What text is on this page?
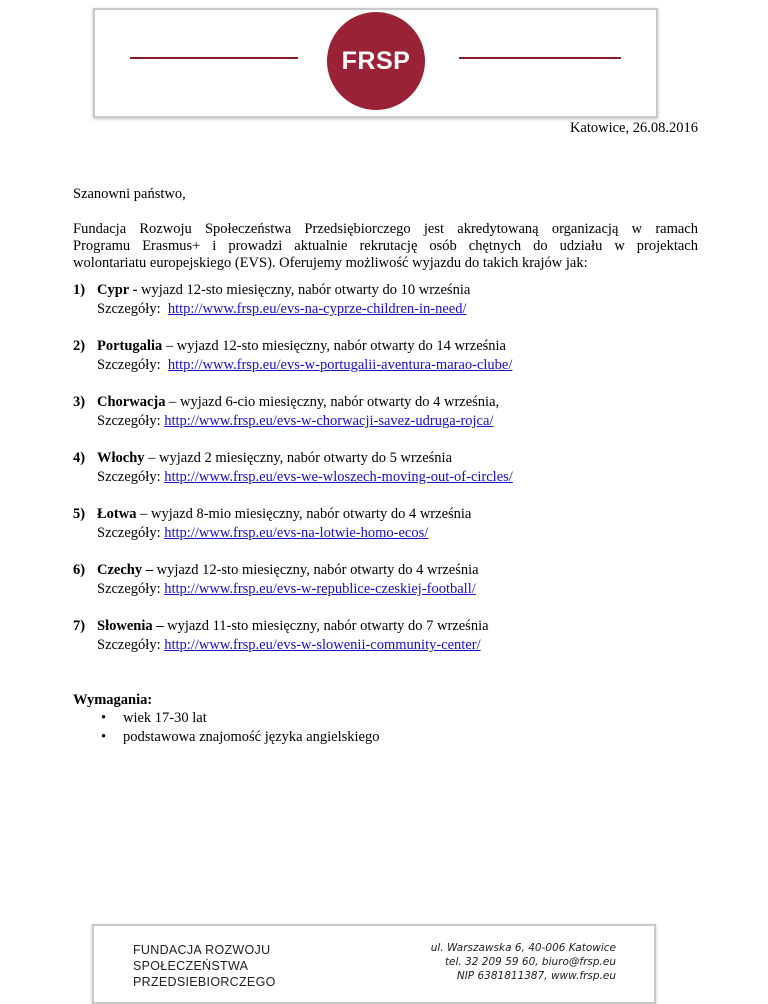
FRSP
Katowice, 26.08.2016
Szanowni państwo,
Fundacja Rozwoju Społeczeństwa Przedsiębiorczego jest akredytowaną organizacją w ramach
Programu Erasmus+ i prowadzi aktualnie rekrutację osób chętnych do udziału w projektach
wolontariatu europejskiego (EVS). Oferujemy możliwość wyjazdu do takich krajów jak:
1) Cypr - wyjazd 12-sto miesięczny, nabór otwarty do 10 września
Szczegóły: http://www.frsp.eu/evs-na-cyprze-children-in-need/
2) Portugalia – wyjazd 12-sto miesięczny, nabór otwarty do 14 września
Szczegóły: http://www.frsp.eu/evs-w-portugalii-aventura-marao-clube/
3) Chorwacja – wyjazd 6-cio miesięczny, nabór otwarty do 4 września,
Szczegóły: http://www.frsp.eu/evs-w-chorwacji-savez-udruga-rojca/
4) Włochy – wyjazd 2 miesięczny, nabór otwarty do 5 września
Szczegóły: http://www.frsp.eu/evs-we-wloszech-moving-out-of-circles/
5) Łotwa – wyjazd 8-mio miesięczny, nabór otwarty do 4 września
Szczegóły: http://www.frsp.eu/evs-na-lotwie-homo-ecos/
6) Czechy – wyjazd 12-sto miesięczny, nabór otwarty do 4 września
Szczegóły: http://www.frsp.eu/evs-w-republice-czeskiej-football/
7) Słowenia – wyjazd 11-sto miesięczny, nabór otwarty do 7 września
Szczegóły: http://www.frsp.eu/evs-w-slowenii-community-center/
Wymagania:
• wiek 17-30 lat
• podstawowa znajomość języka angielskiego
FUNDACJA ROZWOJU
SPOŁECZEŃSTWA
PRZEDSIEBIORCZEGO
ul. Warszawska 6, 40-006 Katowice
tel. 32 209 59 60, biuro@frsp.eu
NIP 6381811387, www.frsp.eu
